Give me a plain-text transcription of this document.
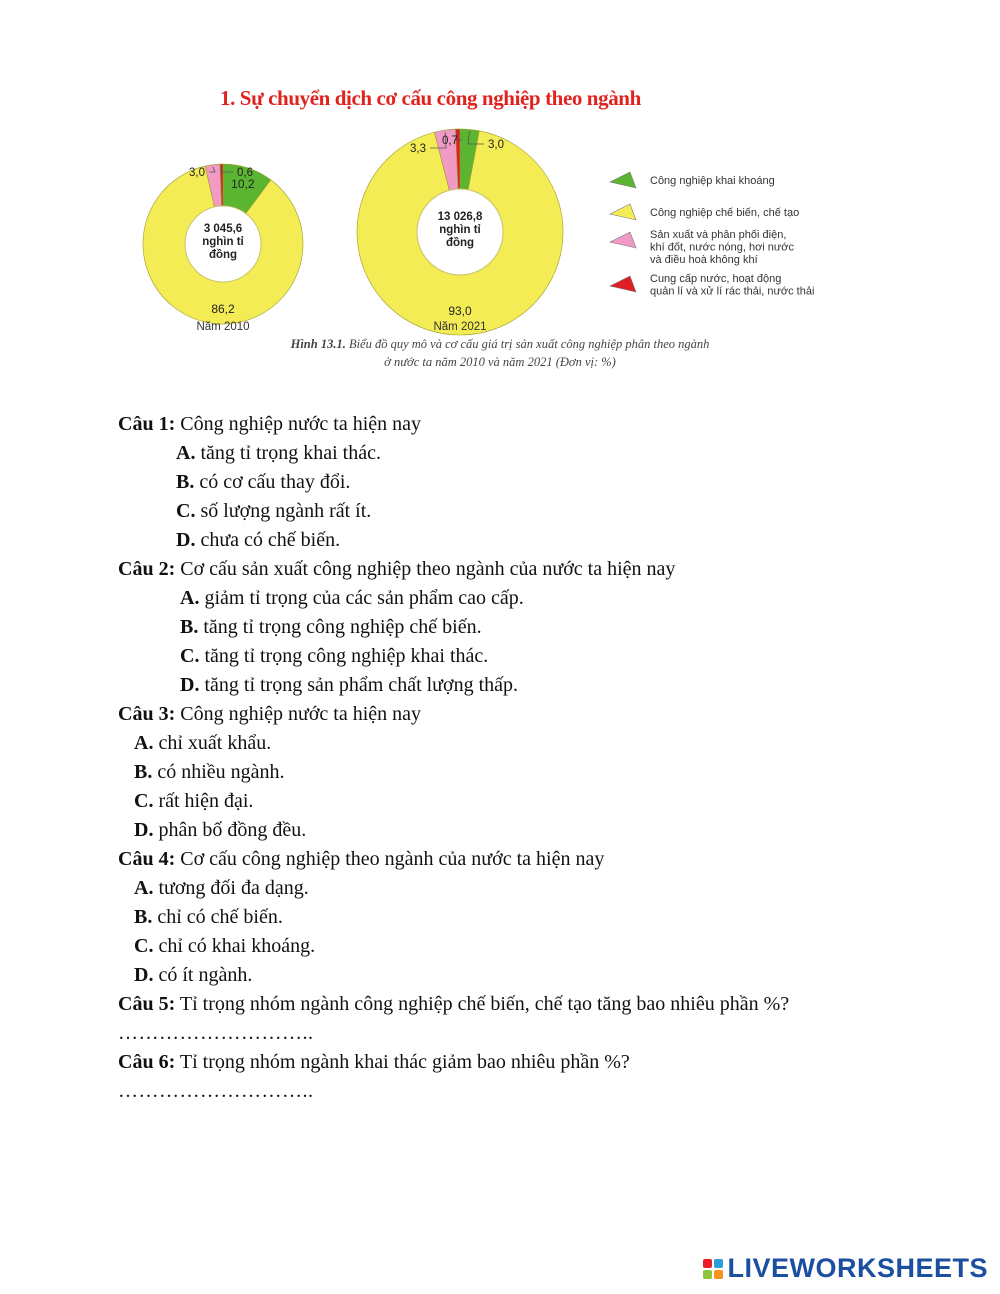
1. Sự chuyển dịch cơ cấu công nghiệp theo ngành
3 045,6
nghìn tỉ
đồng
10,2
86,2
3,0	0,6
Năm 2010
13 026,8
nghìn tỉ
đồng
93,0
3,3
0,7	3,0
Năm 2021
Công nghiệp khai khoáng
Công nghiệp chế biến, chế tạo
Sản xuất và phân phối điện,
khí đốt, nước nóng, hơi nước
và điều hoà không khí
Cung cấp nước, hoạt động
quản lí và xử lí rác thải, nước thải
Hình 13.1. Biểu đồ quy mô và cơ cấu giá trị sản xuất công nghiệp phân theo ngành
ở nước ta năm 2010 và năm 2021 (Đơn vị: %)

Câu 1: Công nghiệp nước ta hiện nay

A. tăng tỉ trọng khai thác.

B. có cơ cấu thay đổi.

C. số lượng ngành rất ít.

D. chưa có chế biến.

Câu 2: Cơ cấu sản xuất công nghiệp theo ngành của nước ta hiện nay

A. giảm tỉ trọng của các sản phẩm cao cấp.

B. tăng tỉ trọng công nghiệp chế biến.

C. tăng tỉ trọng công nghiệp khai thác.

D. tăng tỉ trọng sản phẩm chất lượng thấp.

Câu 3: Công nghiệp nước ta hiện nay

A. chỉ xuất khẩu.

B. có nhiều ngành.

C. rất hiện đại.

D. phân bố đồng đều.

Câu 4: Cơ cấu công nghiệp theo ngành của nước ta hiện nay

A. tương đối đa dạng.

B. chỉ có chế biến.

C. chỉ có khai khoáng.

D. có ít ngành.

Câu 5: Tỉ trọng nhóm ngành công nghiệp chế biến, chế tạo tăng bao nhiêu phần %?

………………………..

Câu 6: Tỉ trọng nhóm ngành khai thác giảm bao nhiêu phần %?

………………………..

LIVEWORKSHEETS
